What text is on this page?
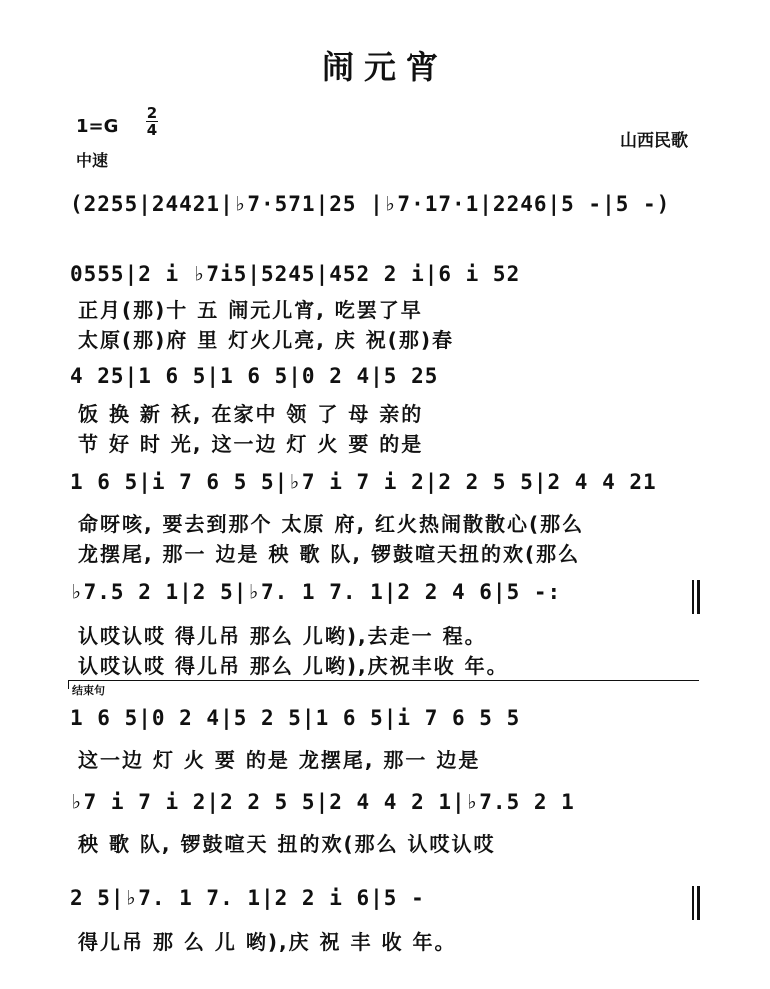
闹元宵
1=G
2
4
中速
山西民歌
(2255|24421|♭7·571|25 |♭7·17·1|2246|5 -|5 -)
0555|2 i ♭7i5|5245|452 2 i|6 i 52
正月(那)十 五 闹元儿宵, 吃罢了早
太原(那)府 里 灯火儿亮, 庆 祝(那)春
4 25|1 6 5|1 6 5|0 2 4|5 25
饭 换 新 袄, 在家中 领 了 母 亲的
节 好 时 光, 这一边 灯 火 要 的是
1 6 5|i 7 6 5 5|♭7 i 7 i 2|2 2 5 5|2 4 4 21
命呀咳, 要去到那个 太原 府, 红火热闹散散心(那么
龙摆尾, 那一 边是 秧 歌 队, 锣鼓喧天扭的欢(那么
♭7.5 2 1|2 5|♭7. 1 7. 1|2 2 4 6|5 -:
认哎认哎 得儿吊 那么 儿哟),去走一 程。
认哎认哎 得儿吊 那么 儿哟),庆祝丰收 年。
结束句
1 6 5|0 2 4|5 2 5|1 6 5|i 7 6 5 5
这一边 灯 火 要 的是 龙摆尾, 那一 边是
♭7 i 7 i 2|2 2 5 5|2 4 4 2 1|♭7.5 2 1
秧 歌 队, 锣鼓喧天 扭的欢(那么 认哎认哎
2 5|♭7. 1 7. 1|2 2 i 6|5 -
得儿吊 那 么 儿 哟),庆 祝 丰 收 年。
